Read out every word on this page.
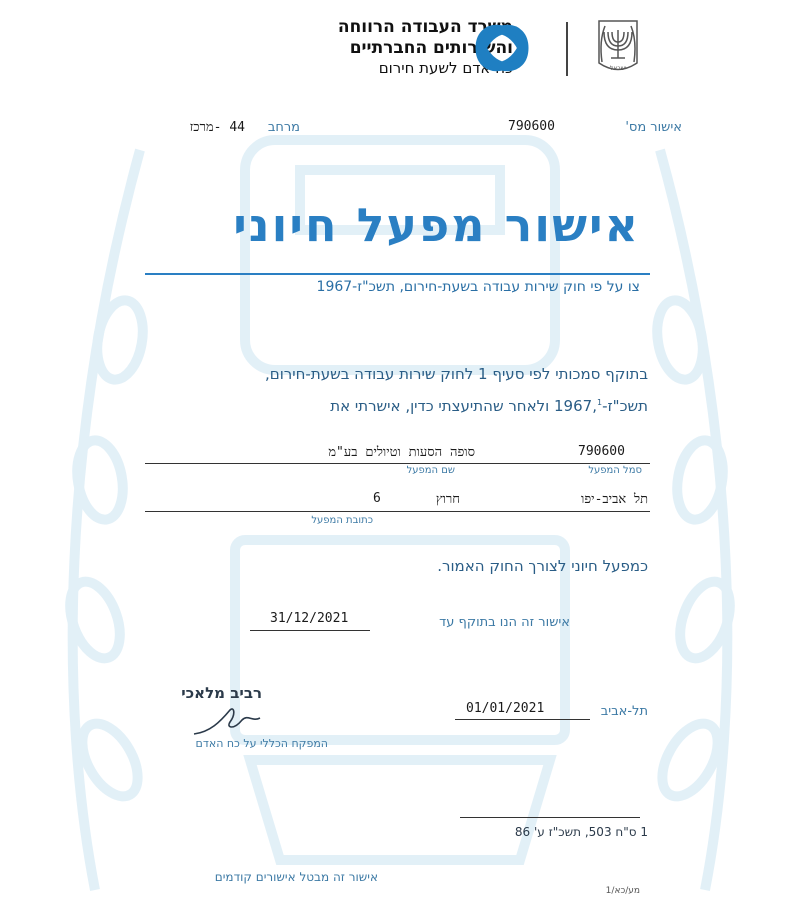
משרד העבודה הרווחה
והשירותים החברתיים
כח אדם לשעת חירום	ישראל
אישור מס'
790600
מרחב
44 -מרכז
אישור מפעל חיוני
צו על פי חוק שירות עבודה בשעת-חירום, תשכ"ז-1967
בתוקף סמכותי לפי סעיף 1 לחוק שירות עבודה בשעת-חירום,
תשכ"ז-1967,$^1$ ולאחר שהתיעצתי כדין, אישרתי את
790600
סופה הסעות וטיולים בע"מ
סמל המפעל
שם המפעל
תל אביב-יפו
חרוץ
6
כתובת המפעל
כמפעל חיוני לצורך החוק האמור.
אישור זה הנו בתוקף עד
31/12/2021
רביב מלאכי
תל-אביב
01/01/2021
המפקח הכללי על כח האדם
1 ס"ח 503, תשכ"ז ע' 86
אישור זה מבטל אישורים קודמים
מע/כא/1
